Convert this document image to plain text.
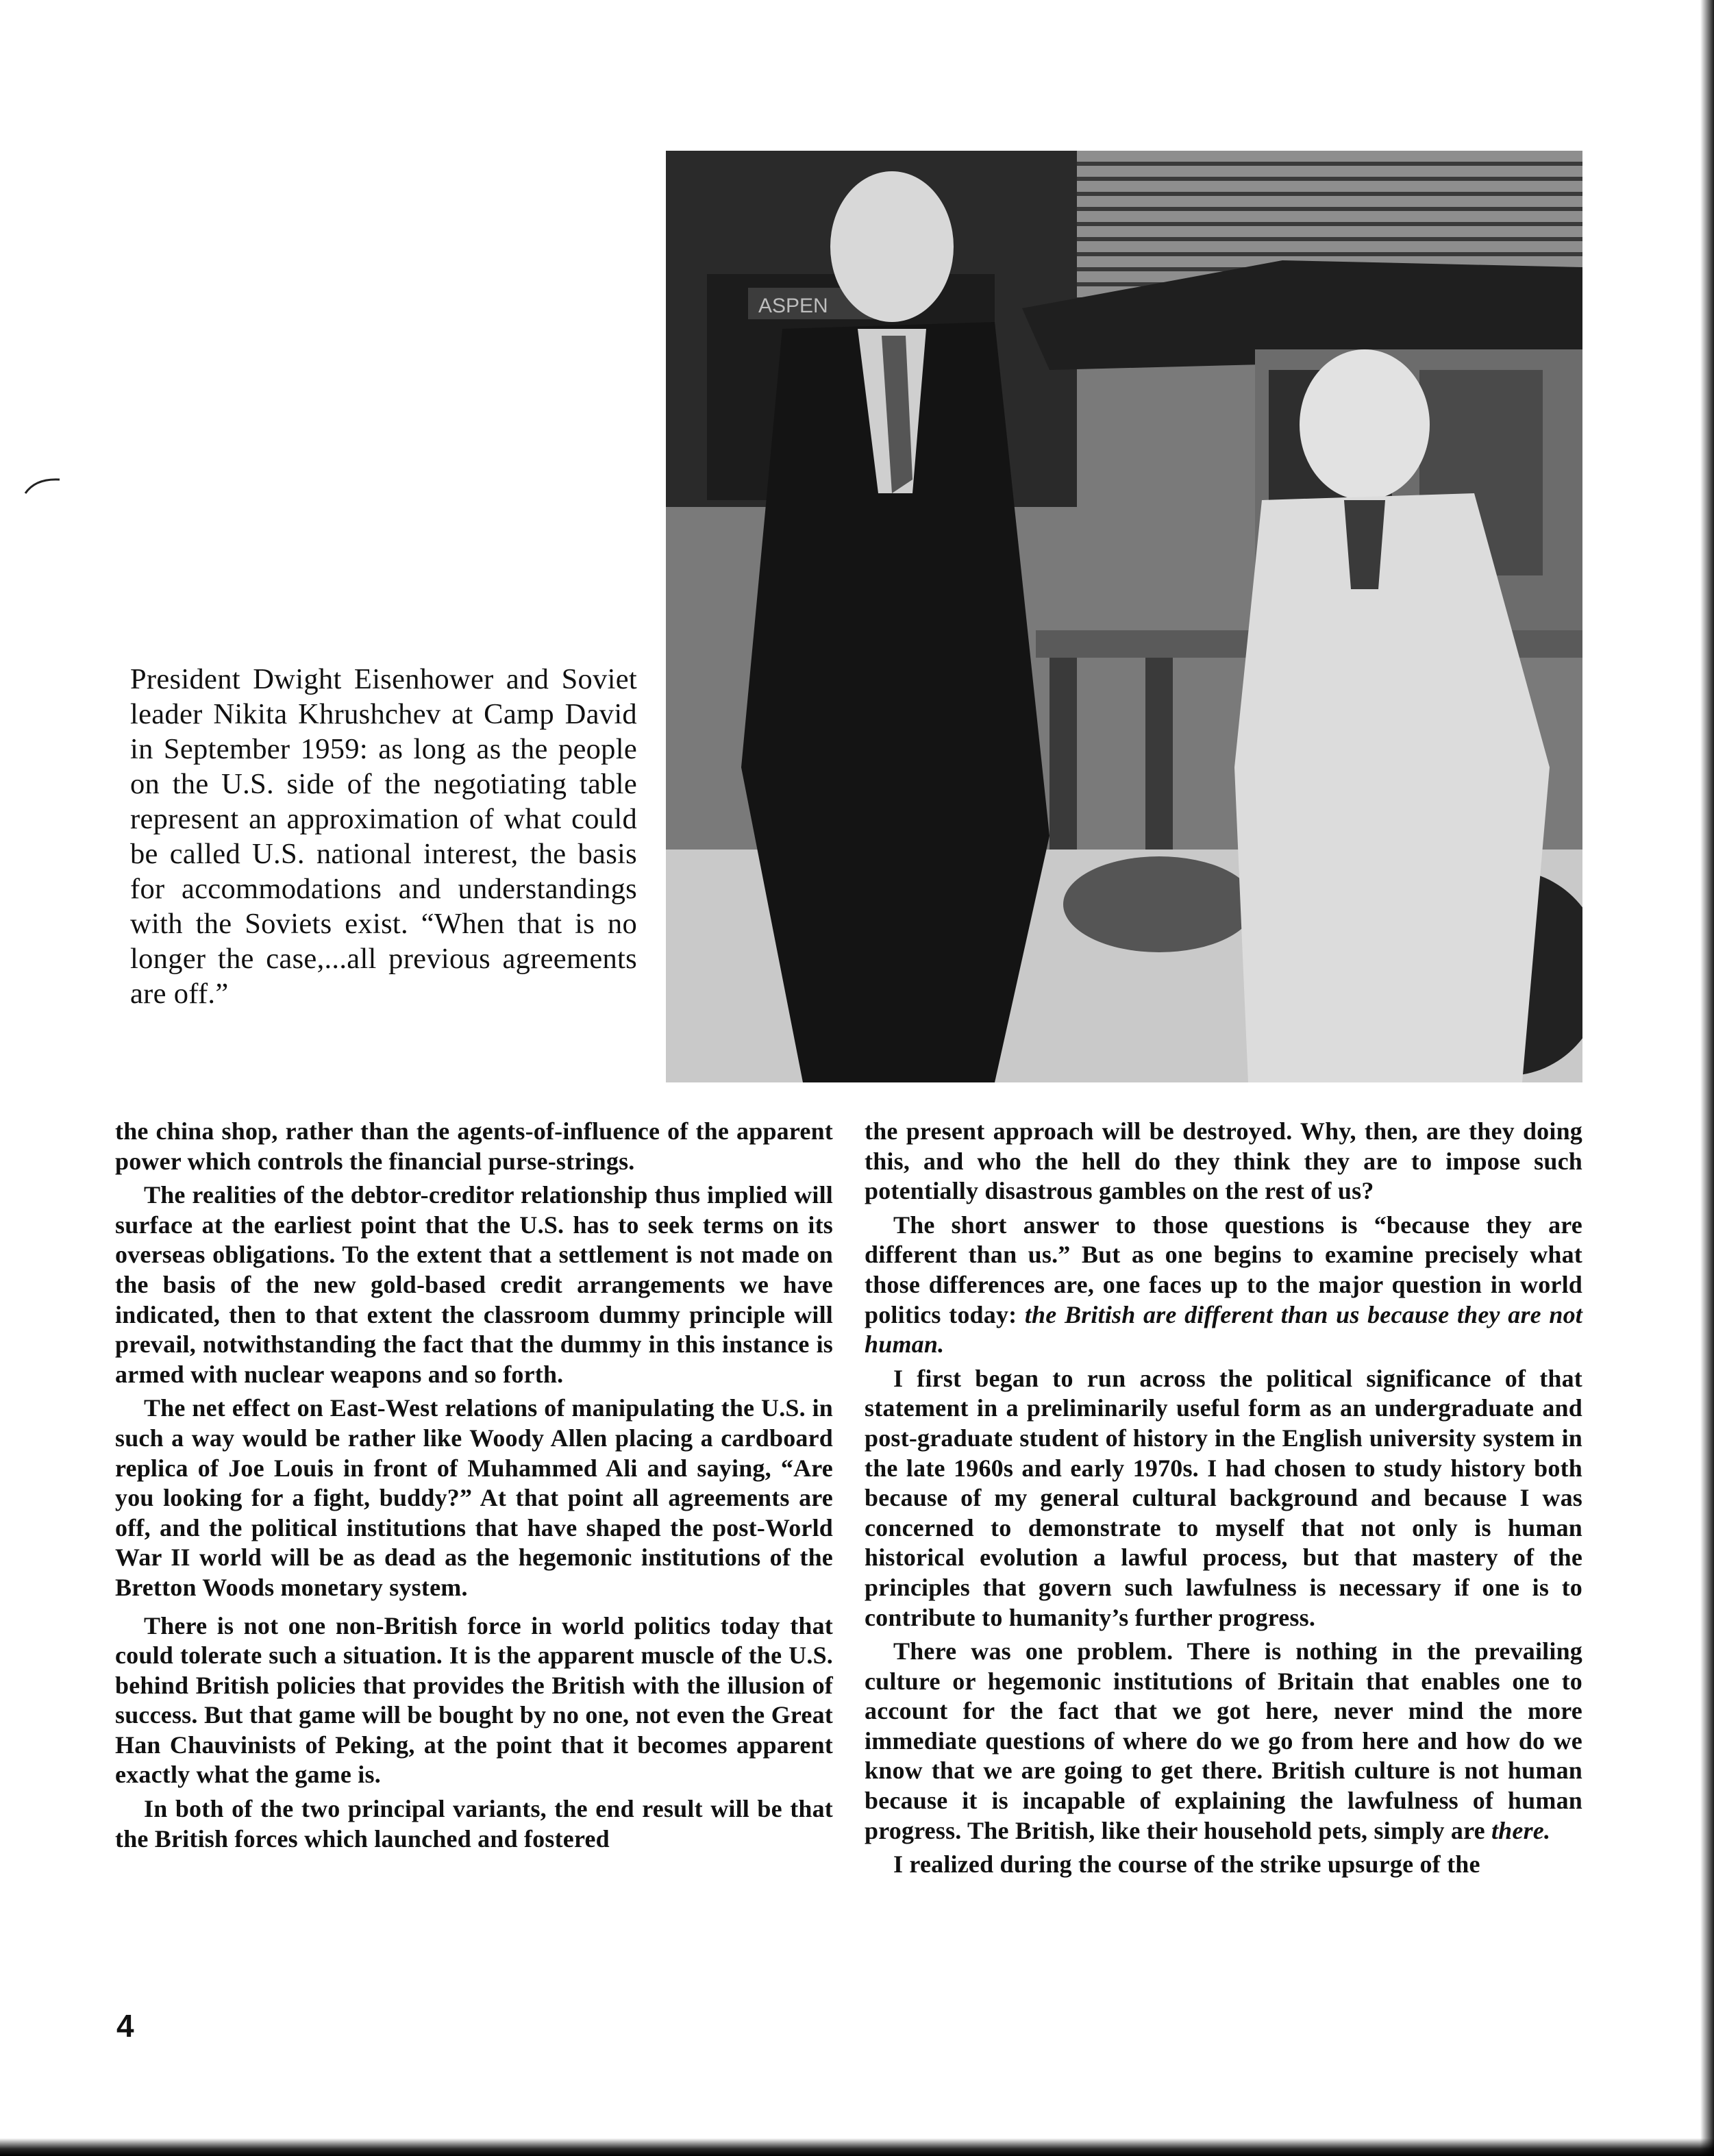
ASPEN
President Dwight Eisenhower and Soviet leader Nikita Khrushchev at Camp David in September 1959: as long as the people on the U.S. side of the negotiating table represent an approximation of what could be called U.S. national interest, the basis for accommodations and understandings with the Soviets exist. “When that is no longer the case,...all previous agreements are off.”

the china shop, rather than the agents-of-influence of the apparent power which controls the financial purse-strings.

The realities of the debtor-creditor relationship thus implied will surface at the earliest point that the U.S. has to seek terms on its overseas obligations. To the extent that a settlement is not made on the basis of the new gold-based credit arrangements we have indicated, then to that extent the classroom dummy principle will prevail, notwithstanding the fact that the dummy in this instance is armed with nuclear weapons and so forth.

The net effect on East-West relations of manipulating the U.S. in such a way would be rather like Woody Allen placing a cardboard replica of Joe Louis in front of Muhammed Ali and saying, “Are you looking for a fight, buddy?” At that point all agreements are off, and the political institutions that have shaped the post-World War II world will be as dead as the hegemonic institutions of the Bretton Woods monetary system.

There is not one non-British force in world politics today that could tolerate such a situation. It is the apparent muscle of the U.S. behind British policies that provides the British with the illusion of success. But that game will be bought by no one, not even the Great Han Chauvinists of Peking, at the point that it becomes apparent exactly what the game is.

In both of the two principal variants, the end result will be that the British forces which launched and fostered

the present approach will be destroyed. Why, then, are they doing this, and who the hell do they think they are to impose such potentially disastrous gambles on the rest of us?

The short answer to those questions is “because they are different than us.” But as one begins to examine precisely what those differences are, one faces up to the major question in world politics today: the British are different than us because they are not human.

I first began to run across the political significance of that statement in a preliminarily useful form as an undergraduate and post-graduate student of history in the English university system in the late 1960s and early 1970s. I had chosen to study history both because of my general cultural background and because I was concerned to demonstrate to myself that not only is human historical evolution a lawful process, but that mastery of the principles that govern such lawfulness is necessary if one is to contribute to humanity’s further progress.

There was one problem. There is nothing in the prevailing culture or hegemonic institutions of Britain that enables one to account for the fact that we got here, never mind the more immediate questions of where do we go from here and how do we know that we are going to get there. British culture is not human because it is incapable of explaining the lawfulness of human progress. The British, like their household pets, simply are there.

I realized during the course of the strike upsurge of the

4
